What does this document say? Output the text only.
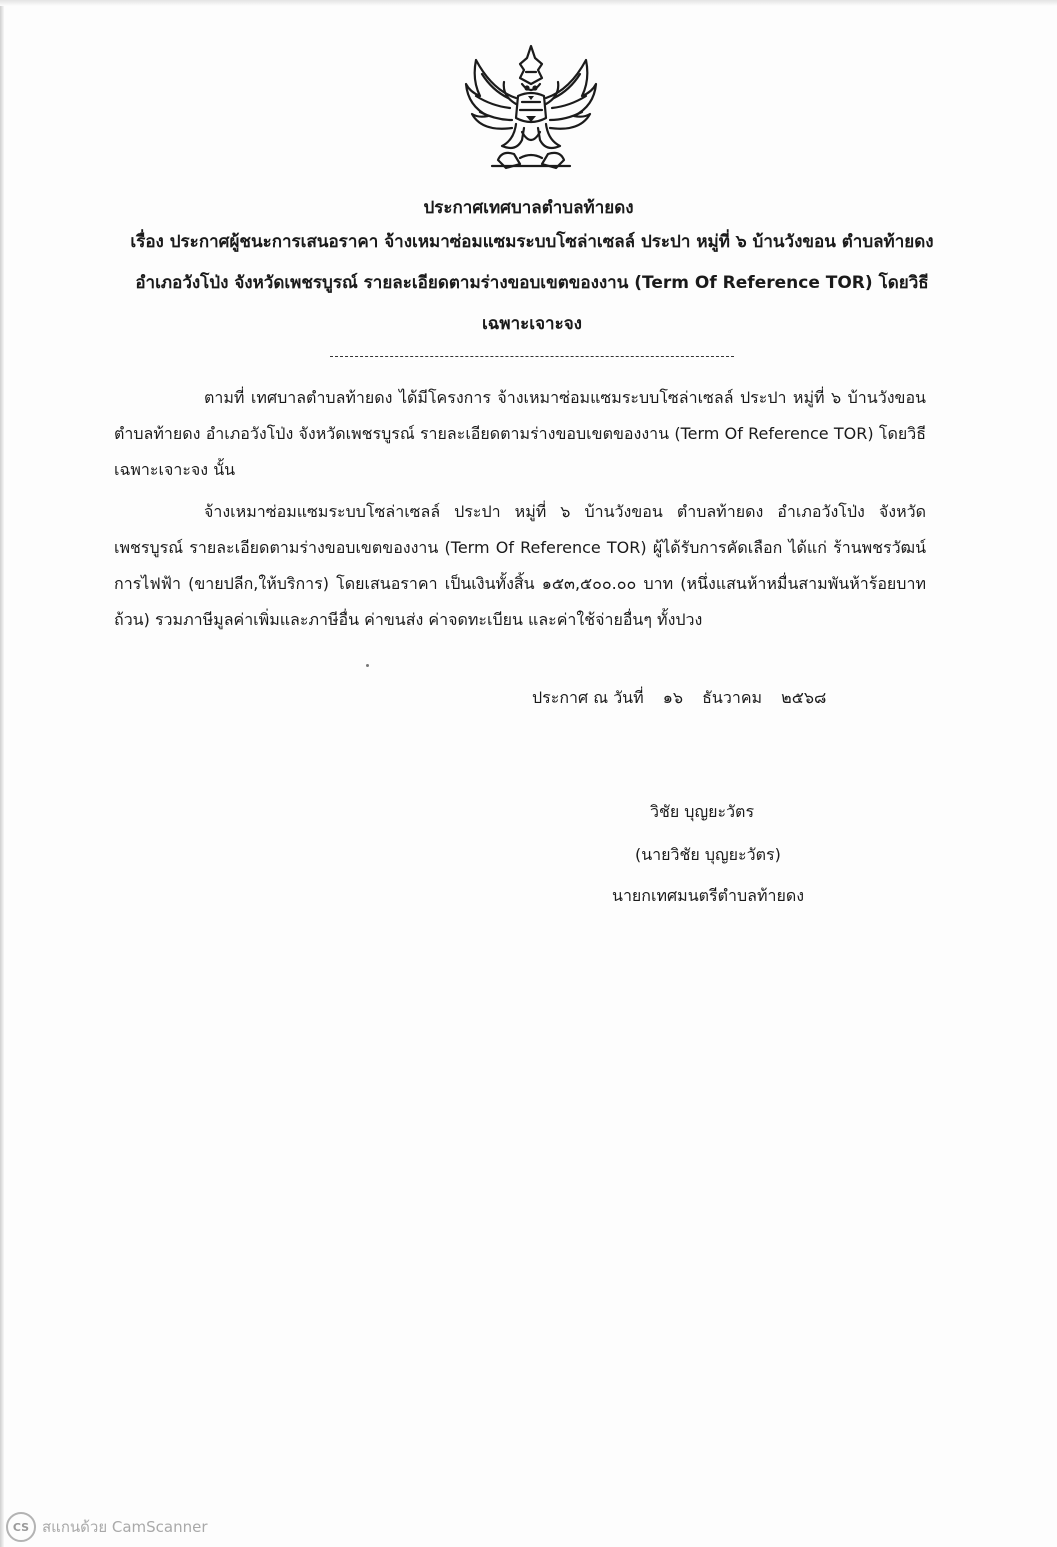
ประกาศเทศบาลตำบลท้ายดง
เรื่อง ประกาศผู้ชนะการเสนอราคา จ้างเหมาซ่อมแซมระบบโซล่าเซลล์ ประปา หมู่ที่ ๖ บ้านวังขอน ตำบลท้ายดง
อำเภอวังโป่ง จังหวัดเพชรบูรณ์ รายละเอียดตามร่างขอบเขตของงาน (Term Of Reference TOR) โดยวิธี
เฉพาะเจาะจง
ตามที่ เทศบาลตำบลท้ายดง ได้มีโครงการ จ้างเหมาซ่อมแซมระบบโซล่าเซลล์ ประปา หมู่ที่ ๖ บ้านวังขอน ตำบลท้ายดง อำเภอวังโป่ง จังหวัดเพชรบูรณ์ รายละเอียดตามร่างขอบเขตของงาน (Term Of Reference TOR) โดยวิธีเฉพาะเจาะจง นั้น
จ้างเหมาซ่อมแซมระบบโซล่าเซลล์ ประปา หมู่ที่ ๖ บ้านวังขอน ตำบลท้ายดง อำเภอวังโป่ง จังหวัดเพชรบูรณ์ รายละเอียดตามร่างขอบเขตของงาน (Term Of Reference TOR) ผู้ได้รับการคัดเลือก ได้แก่ ร้านพชรวัฒน์การไฟฟ้า (ขายปลีก,ให้บริการ) โดยเสนอราคา เป็นเงินทั้งสิ้น ๑๕๓,๕๐๐.๐๐ บาท (หนึ่งแสนห้าหมื่นสามพันห้าร้อยบาทถ้วน) รวมภาษีมูลค่าเพิ่มและภาษีอื่น ค่าขนส่ง ค่าจดทะเบียน และค่าใช้จ่ายอื่นๆ ทั้งปวง
ประกาศ ณ วันที่ ๑๖ ธันวาคม ๒๕๖๘
วิชัย บุญยะวัตร
(นายวิชัย บุญยะวัตร)
นายกเทศมนตรีตำบลท้ายดง
CS สแกนด้วย CamScanner
